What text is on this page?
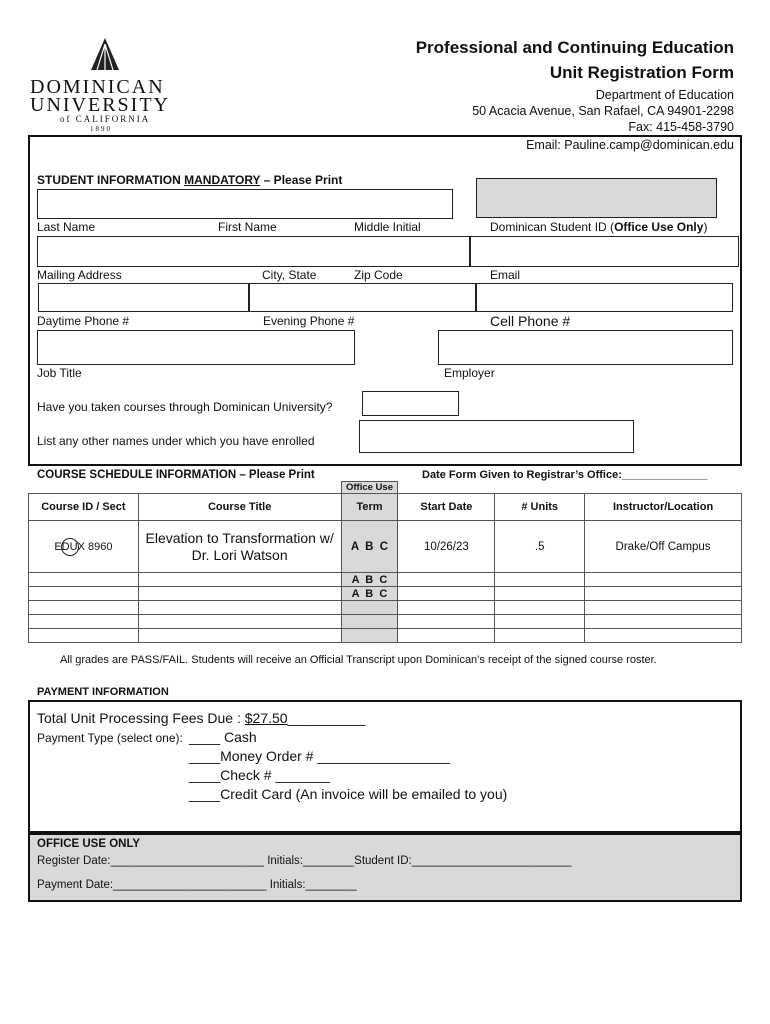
DOMINICAN
UNIVERSITY
of CALIFORNIA
1890
Professional and Continuing Education
Unit Registration Form
Department of Education
50 Acacia Avenue, San Rafael, CA 94901-2298
Fax: 415-458-3790
Email: Pauline.camp@dominican.edu
STUDENT INFORMATION MANDATORY – Please Print
Last Name	First Name	Middle Initial	Dominican Student ID (Office Use Only)
Mailing Address	City, State	Zip Code	Email
Daytime Phone #	Evening Phone #	Cell Phone #
Job Title	Employer
Have you taken courses through Dominican University?
List any other names under which you have enrolled
COURSE SCHEDULE INFORMATION – Please Print	Date Form Given to Registrar’s Office:______________
Office Use
Course ID / Sect	Course Title	Term	Start Date	# Units	Instructor/Location
EDUX 8960	Elevation to Transformation w/ Dr. Lori Watson	A  B  C	10/26/23	.5	Drake/Off Campus
		A  B  C			
		A  B  C			

All grades are PASS/FAIL. Students will receive an Official Transcript upon Dominican’s receipt of the signed course roster.
PAYMENT INFORMATION
Total Unit Processing Fees Due : $27.50__________
Payment Type (select one): ____ Cash
____Money Order # _________________
____Check # _______
____Credit Card (An invoice will be emailed to you)
OFFICE USE ONLY
Register Date:________________________ Initials:________Student ID:_________________________
Payment Date:________________________ Initials:________
